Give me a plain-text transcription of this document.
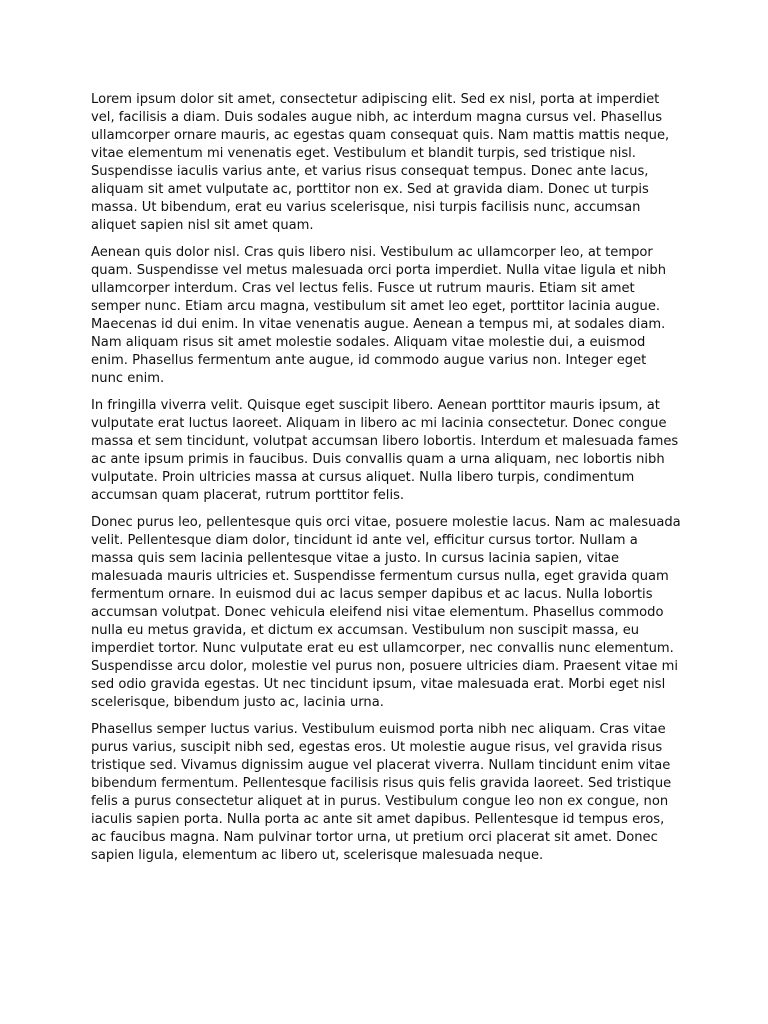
Lorem ipsum dolor sit amet, consectetur adipiscing elit. Sed ex nisl, porta at imperdiet vel, facilisis a diam. Duis sodales augue nibh, ac interdum magna cursus vel. Phasellus ullamcorper ornare mauris, ac egestas quam consequat quis. Nam mattis mattis neque, vitae elementum mi venenatis eget. Vestibulum et blandit turpis, sed tristique nisl. Suspendisse iaculis varius ante, et varius risus consequat tempus. Donec ante lacus, aliquam sit amet vulputate ac, porttitor non ex. Sed at gravida diam. Donec ut turpis massa. Ut bibendum, erat eu varius scelerisque, nisi turpis facilisis nunc, accumsan aliquet sapien nisl sit amet quam.

Aenean quis dolor nisl. Cras quis libero nisi. Vestibulum ac ullamcorper leo, at tempor quam. Suspendisse vel metus malesuada orci porta imperdiet. Nulla vitae ligula et nibh ullamcorper interdum. Cras vel lectus felis. Fusce ut rutrum mauris. Etiam sit amet semper nunc. Etiam arcu magna, vestibulum sit amet leo eget, porttitor lacinia augue. Maecenas id dui enim. In vitae venenatis augue. Aenean a tempus mi, at sodales diam. Nam aliquam risus sit amet molestie sodales. Aliquam vitae molestie dui, a euismod enim. Phasellus fermentum ante augue, id commodo augue varius non. Integer eget nunc enim.

In fringilla viverra velit. Quisque eget suscipit libero. Aenean porttitor mauris ipsum, at vulputate erat luctus laoreet. Aliquam in libero ac mi lacinia consectetur. Donec congue massa et sem tincidunt, volutpat accumsan libero lobortis. Interdum et malesuada fames ac ante ipsum primis in faucibus. Duis convallis quam a urna aliquam, nec lobortis nibh vulputate. Proin ultricies massa at cursus aliquet. Nulla libero turpis, condimentum accumsan quam placerat, rutrum porttitor felis.

Donec purus leo, pellentesque quis orci vitae, posuere molestie lacus. Nam ac malesuada velit. Pellentesque diam dolor, tincidunt id ante vel, efficitur cursus tortor. Nullam a massa quis sem lacinia pellentesque vitae a justo. In cursus lacinia sapien, vitae malesuada mauris ultricies et. Suspendisse fermentum cursus nulla, eget gravida quam fermentum ornare. In euismod dui ac lacus semper dapibus et ac lacus. Nulla lobortis accumsan volutpat. Donec vehicula eleifend nisi vitae elementum. Phasellus commodo nulla eu metus gravida, et dictum ex accumsan. Vestibulum non suscipit massa, eu imperdiet tortor. Nunc vulputate erat eu est ullamcorper, nec convallis nunc elementum. Suspendisse arcu dolor, molestie vel purus non, posuere ultricies diam. Praesent vitae mi sed odio gravida egestas. Ut nec tincidunt ipsum, vitae malesuada erat. Morbi eget nisl scelerisque, bibendum justo ac, lacinia urna.

Phasellus semper luctus varius. Vestibulum euismod porta nibh nec aliquam. Cras vitae purus varius, suscipit nibh sed, egestas eros. Ut molestie augue risus, vel gravida risus tristique sed. Vivamus dignissim augue vel placerat viverra. Nullam tincidunt enim vitae bibendum fermentum. Pellentesque facilisis risus quis felis gravida laoreet. Sed tristique felis a purus consectetur aliquet at in purus. Vestibulum congue leo non ex congue, non iaculis sapien porta. Nulla porta ac ante sit amet dapibus. Pellentesque id tempus eros, ac faucibus magna. Nam pulvinar tortor urna, ut pretium orci placerat sit amet. Donec sapien ligula, elementum ac libero ut, scelerisque malesuada neque.
